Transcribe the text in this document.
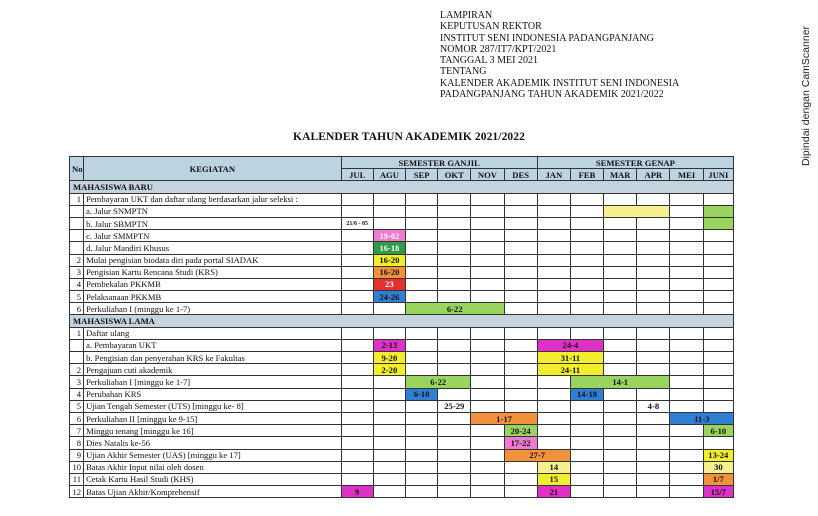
LAMPIRAN
KEPUTUSAN REKTOR
INSTITUT SENI INDONESIA PADANGPANJANG
NOMOR 287/IT7/KPT/2021
TANGGAL 3 MEI 2021
TENTANG
KALENDER AKADEMIK INSTITUT SENI INDONESIA
PADANGPANJANG TAHUN AKADEMIK 2021/2022	Dipindai dengan CamScanner
KALENDER TAHUN AKADEMIK 2021/2022
No	KEGIATAN	SEMESTER GANJIL						SEMESTER GENAP					
		JUL	AGU	SEP	OKT	NOV	DES	JAN	FEB	MAR	APR	MEI	JUNI
MAHASISWA BARU													
1	Pembayaran UKT dan daftar ulang berdasarkan jalur seleksi :												
	a. Jalur SNMPTN												
	b. Jalur SBMPTN	21/6 - 05											
	c. Jalur SMMPTN		19-02										
	d. Jalur Mandiri Khusus		16-18										
2	Mulai pengisian biodata diri pada portal SIADAK		16-20										
3	Pengisian Kartu Rencana Studi (KRS)		16-20										
4	Pembekalan PKKMB		23										
5	Pelaksanaan PKKMB		24-26										
6	Perkuliahan I (minggu ke 1-7)			6-22									
MAHASISWA LAMA													
1	Daftar ulang												
	a. Pembayaran UKT		2-13					24-4					
	b. Pengisian dan penyerahan KRS ke Fakultas		9-20					31-11					
2	Pengajuan cuti akademik		2-20					24-11					
3	Perkuliahan I [minggu ke 1-7]			6-22					14-1				
4	Perubahan KRS			6-10					14-18				
5	Ujian Tengah Semester (UTS) [minggu ke- 8]				25-29						4-8		
6	Perkuliahan II [minggu ke 9-15]					1-17						11-3	
7	Minggu tenang [minggu ke 16]						20-24						6-10
8	Dies Natalis ke-56						17-22						
9	Ujian Akhir Semester (UAS) [minggu ke 17]						27-7						13-24
10	Batas Akhir Input nilai oleh dosen							14					30
11	Cetak Kartu Hasil Studi (KHS)							15					1/7
12	Batas Ujian Akhir/Komprehensif	9						21					15/7
